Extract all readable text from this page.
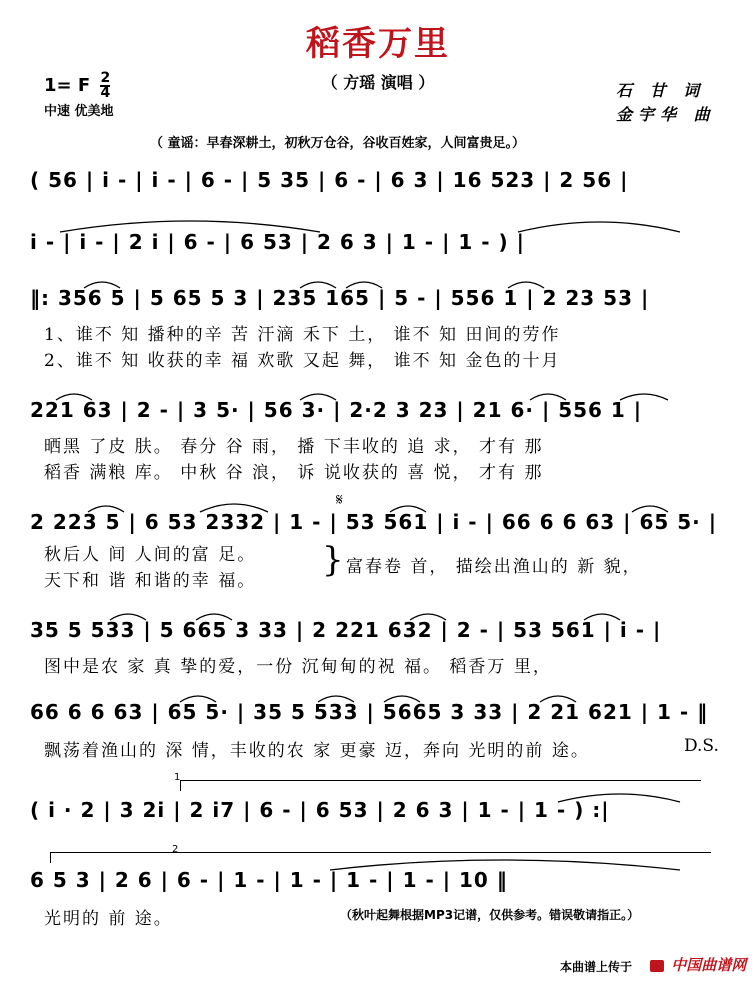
稻香万里
（ 方瑶 演唱 ）
1= F $\frac{2}{4}$
中速 优美地
石 甘 词
金宇华 曲
（ 童谣：早春深耕土，初秋万仓谷，谷收百姓家，人间富贵足。）
( 56 | i - | i - | 6 - | 5 35 | 6 - | 6 3 | 16 523 | 2 56 |
i - | i - | 2 i | 6 - | 6 53 | 2 6 3 | 1 - | 1 - ) |
‖: 356 5 | 5 65 5 3 | 235 165 | 5 - | 556 1 | 2 23 53 |
1、谁不 知 播种的辛 苦 汗滴 禾下 土， 谁不 知 田间的劳作
2、谁不 知 收获的幸 福 欢歌 又起 舞， 谁不 知 金色的十月
221 63 | 2 - | 3 5· | 56 3· | 2·2 3 23 | 21 6· | 556 1 |
晒黑 了皮 肤。 春分 谷 雨， 播 下丰收的 追 求， 才有 那
稻香 满粮 库。 中秋 谷 浪， 诉 说收获的 喜 悦， 才有 那
𝄋
2 223 5 | 6 53 2332 | 1 - | 53 561 | i - | 66 6 6 63 | 65 5· |
秋后人 间 人间的富 足。
天下和 谐 和谐的幸 福。
} 富春卷 首， 描绘出渔山的 新 貌，
35 5 533 | 5 665 3 33 | 2 221 632 | 2 - | 53 561 | i - |
图中是农 家 真 挚的爱，一份 沉甸甸的祝 福。 稻香万 里，
66 6 6 63 | 65 5· | 35 5 533 | 5665 3 33 | 2 21 621 | 1 - ‖
飘荡着渔山的 深 情，丰收的农 家 更豪 迈，奔向 光明的前 途。	D.S.
1
( i · 2 | 3 2i | 2 i7 | 6 - | 6 53 | 2 6 3 | 1 - | 1 - ) :|
2
6 5 3 | 2 6 | 6 - | 1 - | 1 - | 1 - | 1 - | 10 ‖
光明的 前 途。	（秋叶起舞根据MP3记谱，仅供参考。错误敬请指正。）
本曲谱上传于	中国曲谱网
